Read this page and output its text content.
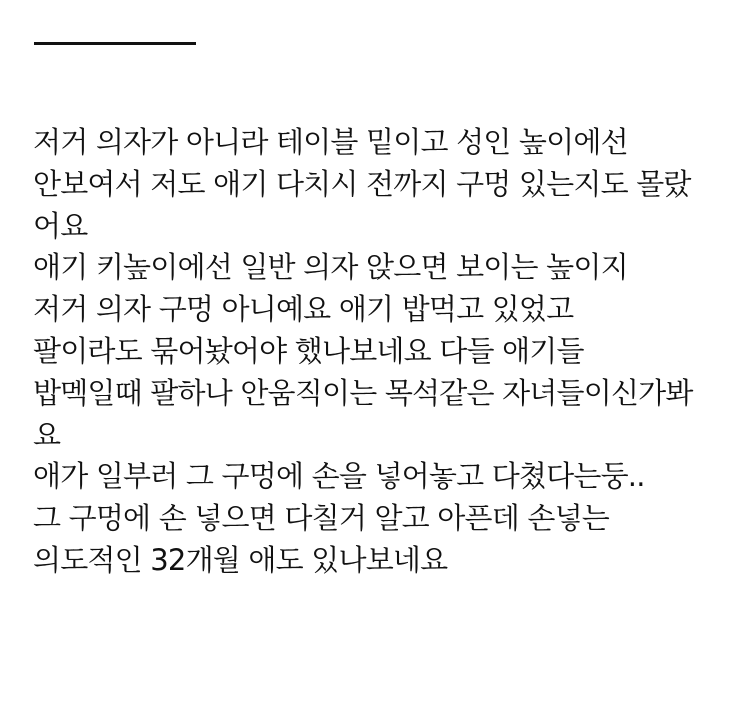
저거 의자가 아니라 테이블 밑이고 성인 높이에선
안보여서 저도 애기 다치시 전까지 구멍 있는지도 몰랐
어요
애기 키높이에선 일반 의자 앉으면 보이는 높이지
저거 의자 구멍 아니예요 애기 밥먹고 있었고
팔이라도 묶어놨어야 했나보네요 다들 애기들
밥멕일때 팔하나 안움직이는 목석같은 자녀들이신가봐
요
애가 일부러 그 구멍에 손을 넣어놓고 다쳤다는둥..
그 구멍에 손 넣으면 다칠거 알고 아픈데 손넣는
의도적인 32개월 애도 있나보네요
